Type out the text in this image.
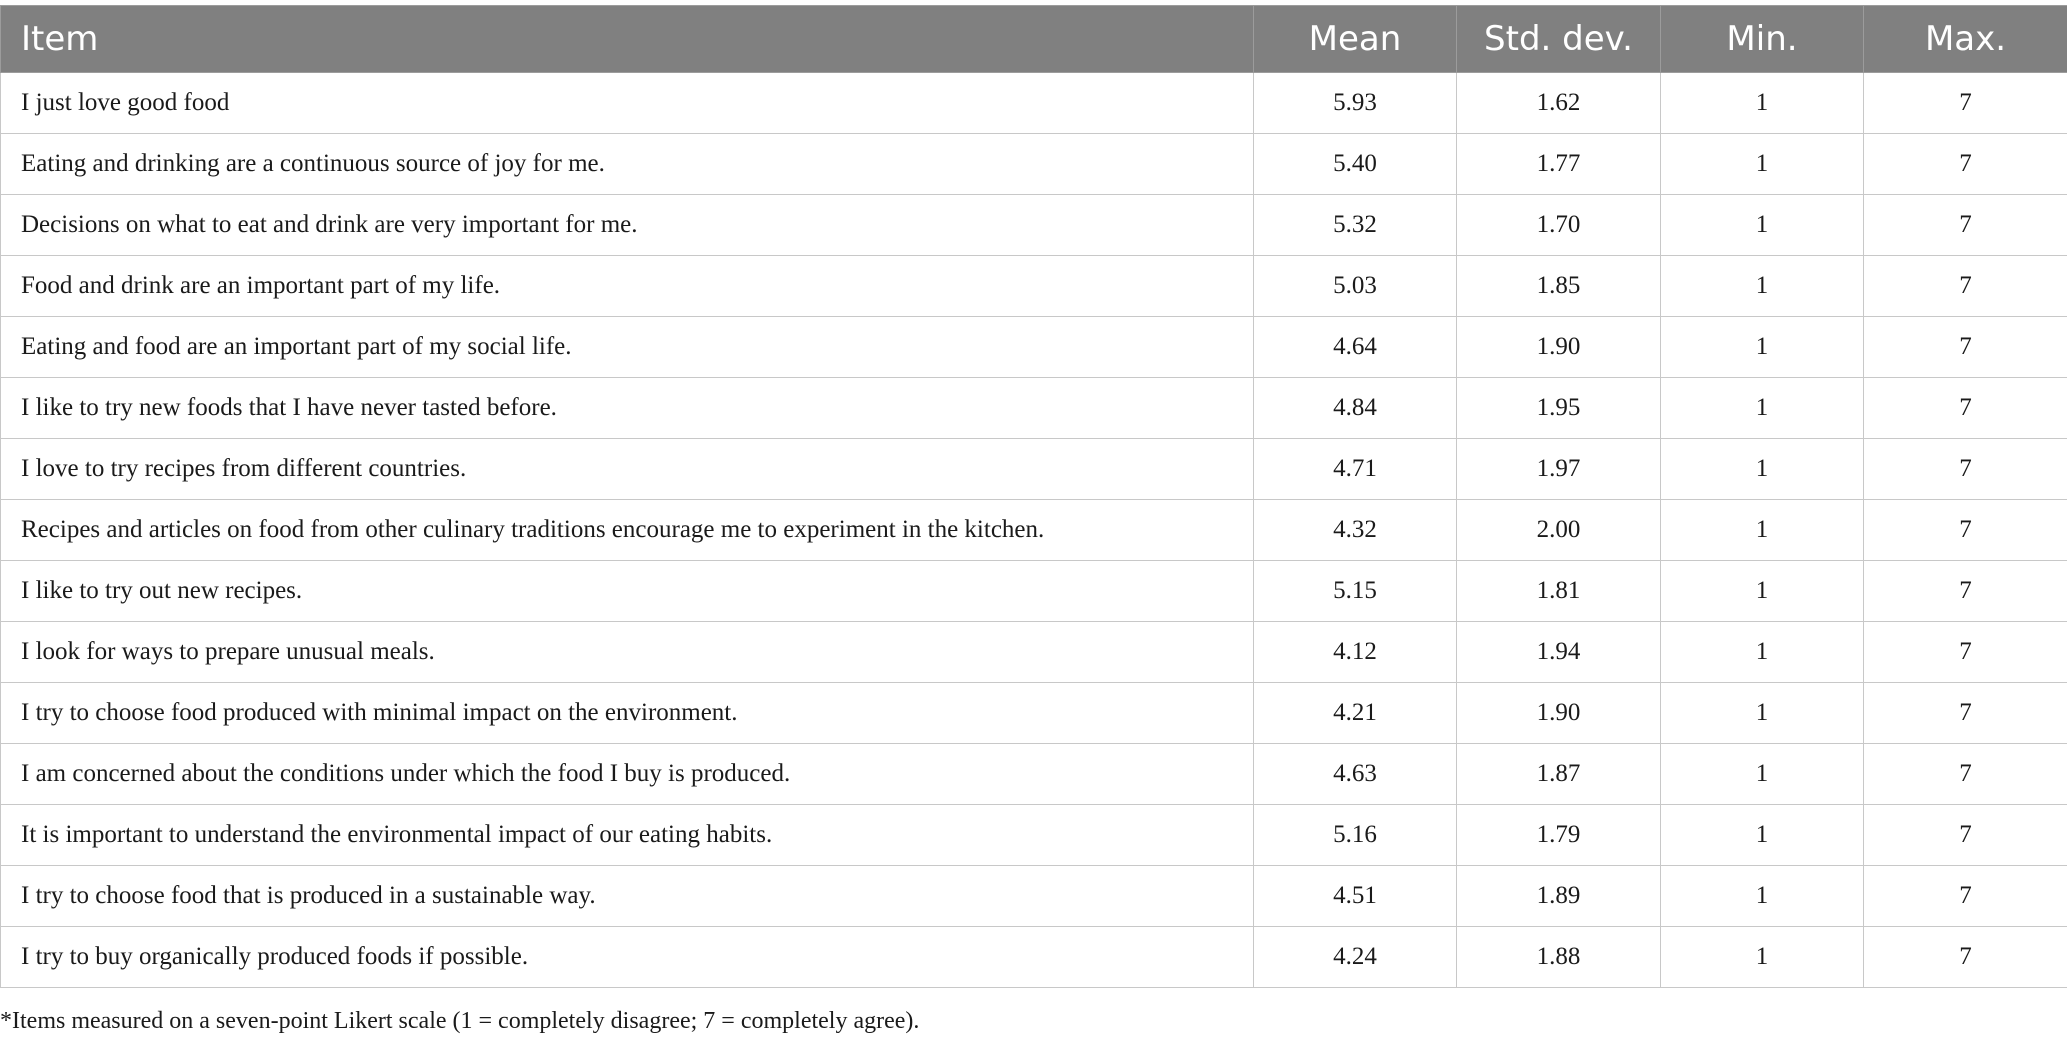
Item	Mean	Std. dev.	Min.	Max.
I just love good food	5.93	1.62	1	7
Eating and drinking are a continuous source of joy for me.	5.40	1.77	1	7
Decisions on what to eat and drink are very important for me.	5.32	1.70	1	7
Food and drink are an important part of my life.	5.03	1.85	1	7
Eating and food are an important part of my social life.	4.64	1.90	1	7
I like to try new foods that I have never tasted before.	4.84	1.95	1	7
I love to try recipes from different countries.	4.71	1.97	1	7
Recipes and articles on food from other culinary traditions encourage me to experiment in the kitchen.	4.32	2.00	1	7
I like to try out new recipes.	5.15	1.81	1	7
I look for ways to prepare unusual meals.	4.12	1.94	1	7
I try to choose food produced with minimal impact on the environment.	4.21	1.90	1	7
I am concerned about the conditions under which the food I buy is produced.	4.63	1.87	1	7
It is important to understand the environmental impact of our eating habits.	5.16	1.79	1	7
I try to choose food that is produced in a sustainable way.	4.51	1.89	1	7
I try to buy organically produced foods if possible.	4.24	1.88	1	7
*Items measured on a seven-point Likert scale (1 = completely disagree; 7 = completely agree).
